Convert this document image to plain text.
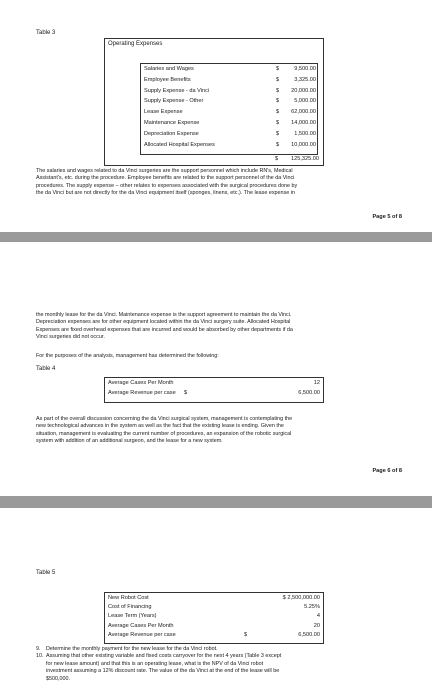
Table 3
Operating Expenses
Salaries and Wages	$	9,500.00
Employee Benefits	$	3,325.00
Supply Expense - da Vinci	$	20,000.00
Supply Expense - Other	$	5,000.00
Lease Expense	$	62,000.00
Maintenance Expense	$	14,000.00
Depreciation Expense	$	1,500.00
Allocated Hospital Expenses	$	10,000.00
$	125,325.00
The salaries and wages related to da Vinci surgeries are the support personnel which include RN's, Medical
Assistant's, etc. during the procedure. Employee benefits are related to the support personnel of the da Vinci
procedures. The supply expense – other relates to expenses associated with the surgical procedures done by
the da Vinci but are not directly for the da Vinci equipment itself (sponges, linens, etc.). The lease expense in
Page 5 of 8
the monthly lease for the da Vinci. Maintenance expense is the support agreement to maintain the da Vinci.
Depreciation expenses are for other equipment located within the da Vinci surgery suite. Allocated Hospital
Expenses are fixed overhead expenses that are incurred and would be absorbed by other departments if da
Vinci surgeries did not occur.
For the purposes of the analysis, management has determined the following:
Table 4
Average Cases Per Month	12
Average Revenue per case $	6,500.00
As part of the overall discussion concerning the da Vinci surgical system, management is contemplating the
new technological advances in the system as well as the fact that the existing lease is ending. Given the
situation, management is evaluating the current number of procedures, an expansion of the robotic surgical
system with addition of an additional surgeon, and the lease for a new system.
Page 6 of 8
Table 5
New Robot Cost	$ 2,500,000.00
Cost of Financing	5.25%
Lease Term (Years)	4
Average Cases Per Month	20
Average Revenue per case	$	6,500.00
9. Determine the monthly payment for the new lease for the da Vinci robot.
10. Assuming that other existing variable and fixed costs carryover for the next 4 years (Table 3 except
for new lease amount) and that this is an operating lease, what is the NPV of da Vinci robot
investment assuming a 12% discount rate. The value of the da Vinci at the end of the lease will be
$500,000.
